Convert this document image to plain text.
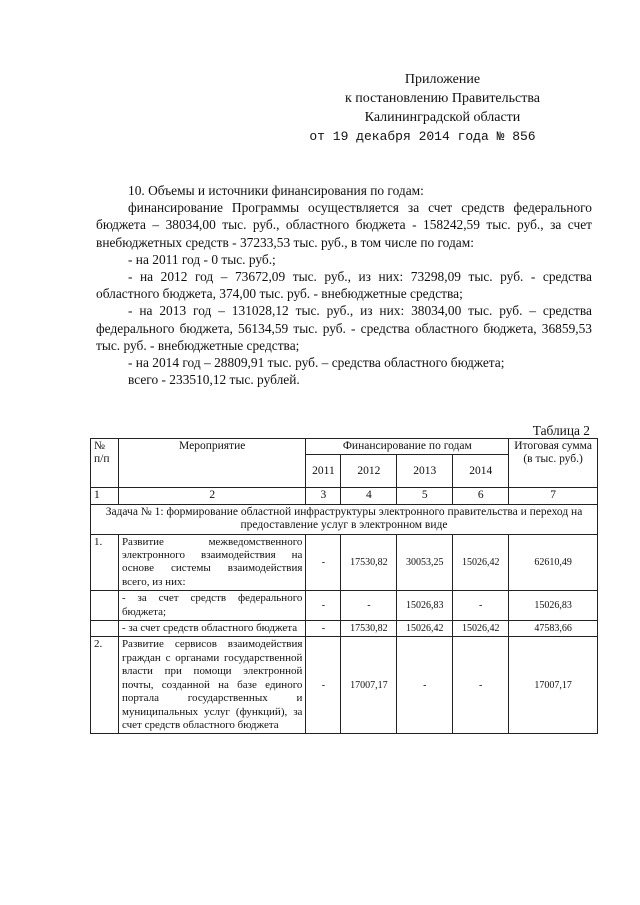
Приложение
к постановлению Правительства
Калининградской области
от 19 декабря 2014 года № 856

10. Объемы и источники финансирования по годам:

финансирование Программы осуществляется за счет средств федерального бюджета – 38034,00 тыс. руб., областного бюджета - 158242,59 тыс. руб., за счет внебюджетных средств - 37233,53 тыс. руб., в том числе по годам:

- на 2011 год - 0 тыс. руб.;

- на 2012 год – 73672,09 тыс. руб., из них: 73298,09 тыс. руб. - средства областного бюджета, 374,00 тыс. руб. - внебюджетные средства;

- на 2013 год – 131028,12 тыс. руб., из них: 38034,00 тыс. руб. – средства федерального бюджета, 56134,59 тыс. руб. - средства областного бюджета, 36859,53 тыс. руб. - внебюджетные средства;

- на 2014 год – 28809,91 тыс. руб. – средства областного бюджета;

всего - 233510,12 тыс. рублей.

Таблица 2
№ п/п	Мероприятие	Финансирование по годам				Итоговая сумма (в тыс. руб.)
		2011	2012	2013	2014	
1	2	3	4	5	6	7
Задача № 1: формирование областной инфраструктуры электронного правительства и переход на предоставление услуг в электронном виде						
1.	Развитие межведомственного электронного взаимодействия на основе системы взаимодействия всего, из них:	-	17530,82	30053,25	15026,42	62610,49
	- за счет средств федерального бюджета;	-	-	15026,83	-	15026,83
	- за счет средств областного бюджета	-	17530,82	15026,42	15026,42	47583,66
2.	Развитие сервисов взаимодействия граждан с органами государственной власти при помощи электронной почты, созданной на базе единого портала государственных и муниципальных услуг (функций), за счет средств областного бюджета	-	17007,17	-	-	17007,17
